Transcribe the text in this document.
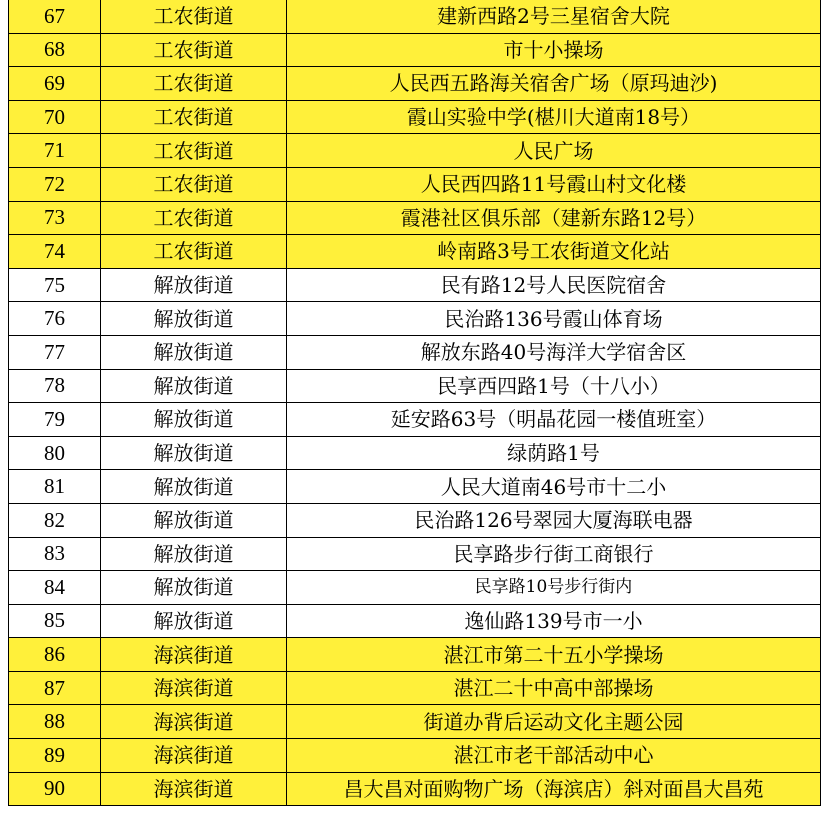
67	工农街道	建新西路2号三星宿舍大院
68	工农街道	市十小操场
69	工农街道	人民西五路海关宿舍广场（原玛迪沙)
70	工农街道	霞山实验中学(椹川大道南18号）
71	工农街道	人民广场
72	工农街道	人民西四路11号霞山村文化楼
73	工农街道	霞港社区俱乐部（建新东路12号）
74	工农街道	岭南路3号工农街道文化站
75	解放街道	民有路12号人民医院宿舍
76	解放街道	民治路136号霞山体育场
77	解放街道	解放东路40号海洋大学宿舍区
78	解放街道	民享西四路1号（十八小）
79	解放街道	延安路63号（明晶花园一楼值班室）
80	解放街道	绿荫路1号
81	解放街道	人民大道南46号市十二小
82	解放街道	民治路126号翠园大厦海联电器
83	解放街道	民享路步行街工商银行
84	解放街道	民享路10号步行街内
85	解放街道	逸仙路139号市一小
86	海滨街道	湛江市第二十五小学操场
87	海滨街道	湛江二十中高中部操场
88	海滨街道	街道办背后运动文化主题公园
89	海滨街道	湛江市老干部活动中心
90	海滨街道	昌大昌对面购物广场（海滨店）斜对面昌大昌苑
